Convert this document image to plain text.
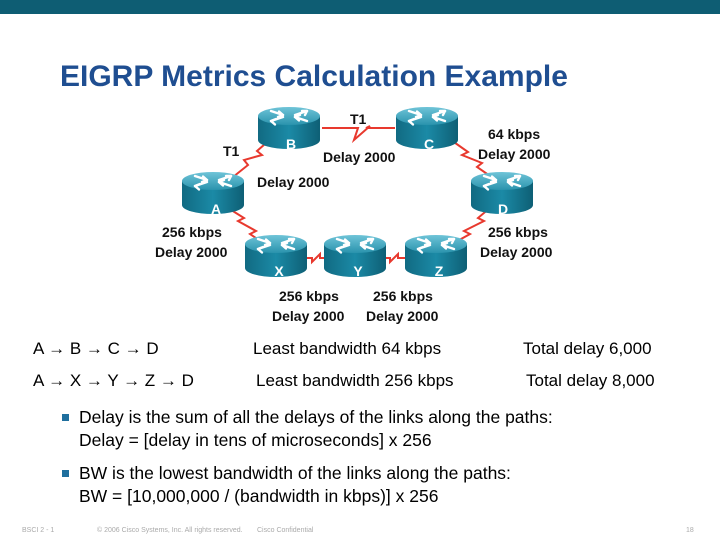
EIGRP Metrics Calculation Example
B	C
A	D
X	Y	Z
T1
Delay 2000
T1
Delay 2000
64 kbps
Delay 2000
256 kbps
Delay 2000
256 kbps
Delay 2000
256 kbps
Delay 2000
256 kbps
Delay 2000
A → B → C → D	Least bandwidth 64 kbps	Total delay 6,000
A → X → Y → Z → D	Least bandwidth 256 kbps	Total delay 8,000
Delay is the sum of all the delays of the links along the paths:
Delay = [delay in tens of microseconds] x 256
BW is the lowest bandwidth of the links along the paths:
BW = [10,000,000 / (bandwidth in kbps)] x 256
BSCI 2 - 1	© 2006 Cisco Systems, Inc. All rights reserved. Cisco Confidential	18
